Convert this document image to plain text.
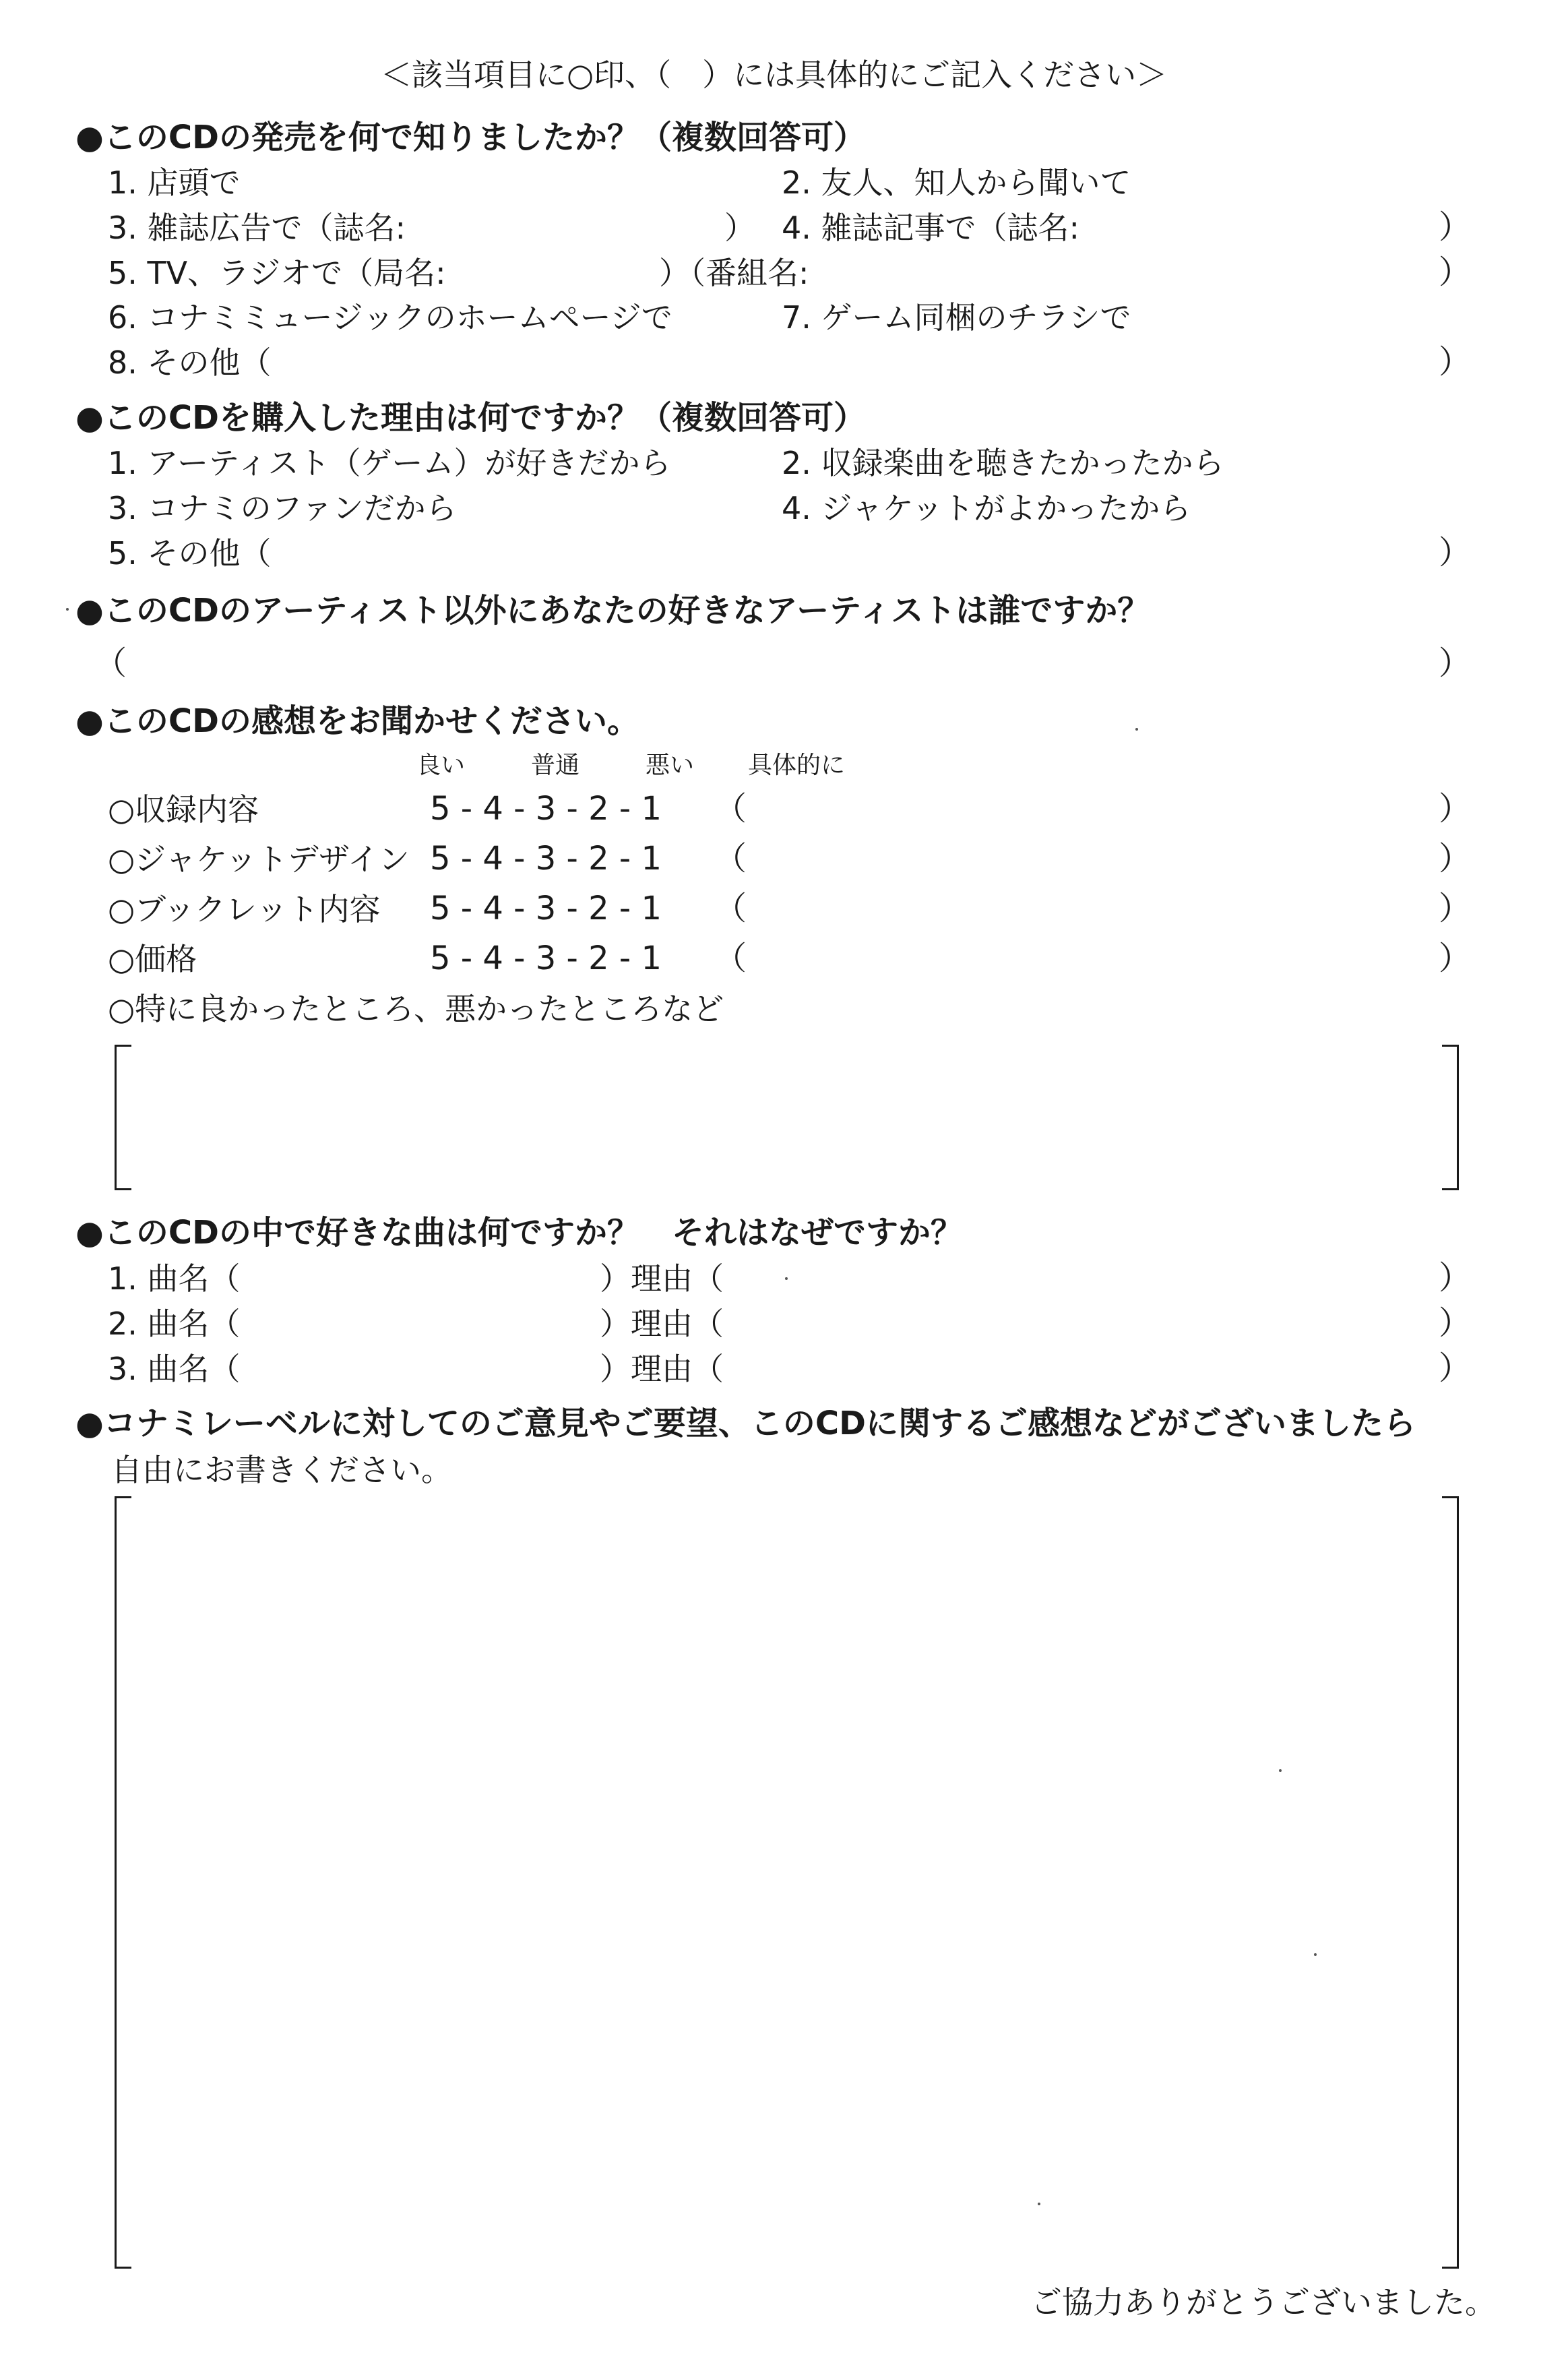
＜該当項目に○印、（　）には具体的にご記入ください＞
●このCDの発売を何で知りましたか？（複数回答可）
1. 店頭で	2. 友人、知人から聞いて
3. 雑誌広告で（誌名:	） 4. 雑誌記事で（誌名:	）
5. TV、ラジオで（局名:	）（番組名:	）
6. コナミミュージックのホームページで	7. ゲーム同梱のチラシで
8. その他（	）
●このCDを購入した理由は何ですか？（複数回答可）
1. アーティスト（ゲーム）が好きだから	2. 収録楽曲を聴きたかったから
3. コナミのファンだから	4. ジャケットがよかったから
5. その他（	）
●このCDのアーティスト以外にあなたの好きなアーティストは誰ですか？
（	）
●このCDの感想をお聞かせください。
良い	普通	悪い 具体的に
○収録内容	5 - 4 - 3 - 2 - 1 （	）
○ジャケットデザイン 5 - 4 - 3 - 2 - 1 （	）
○ブックレット内容 5 - 4 - 3 - 2 - 1 （	）
○価格	5 - 4 - 3 - 2 - 1 （	）
○特に良かったところ、悪かったところなど
●このCDの中で好きな曲は何ですか？　それはなぜですか？
1. 曲名（	）理由（	）
2. 曲名（	）理由（	）
3. 曲名（	）理由（	）
●コナミレーベルに対してのご意見やご要望、このCDに関するご感想などがございましたら
自由にお書きください。
ご協力ありがとうございました。
